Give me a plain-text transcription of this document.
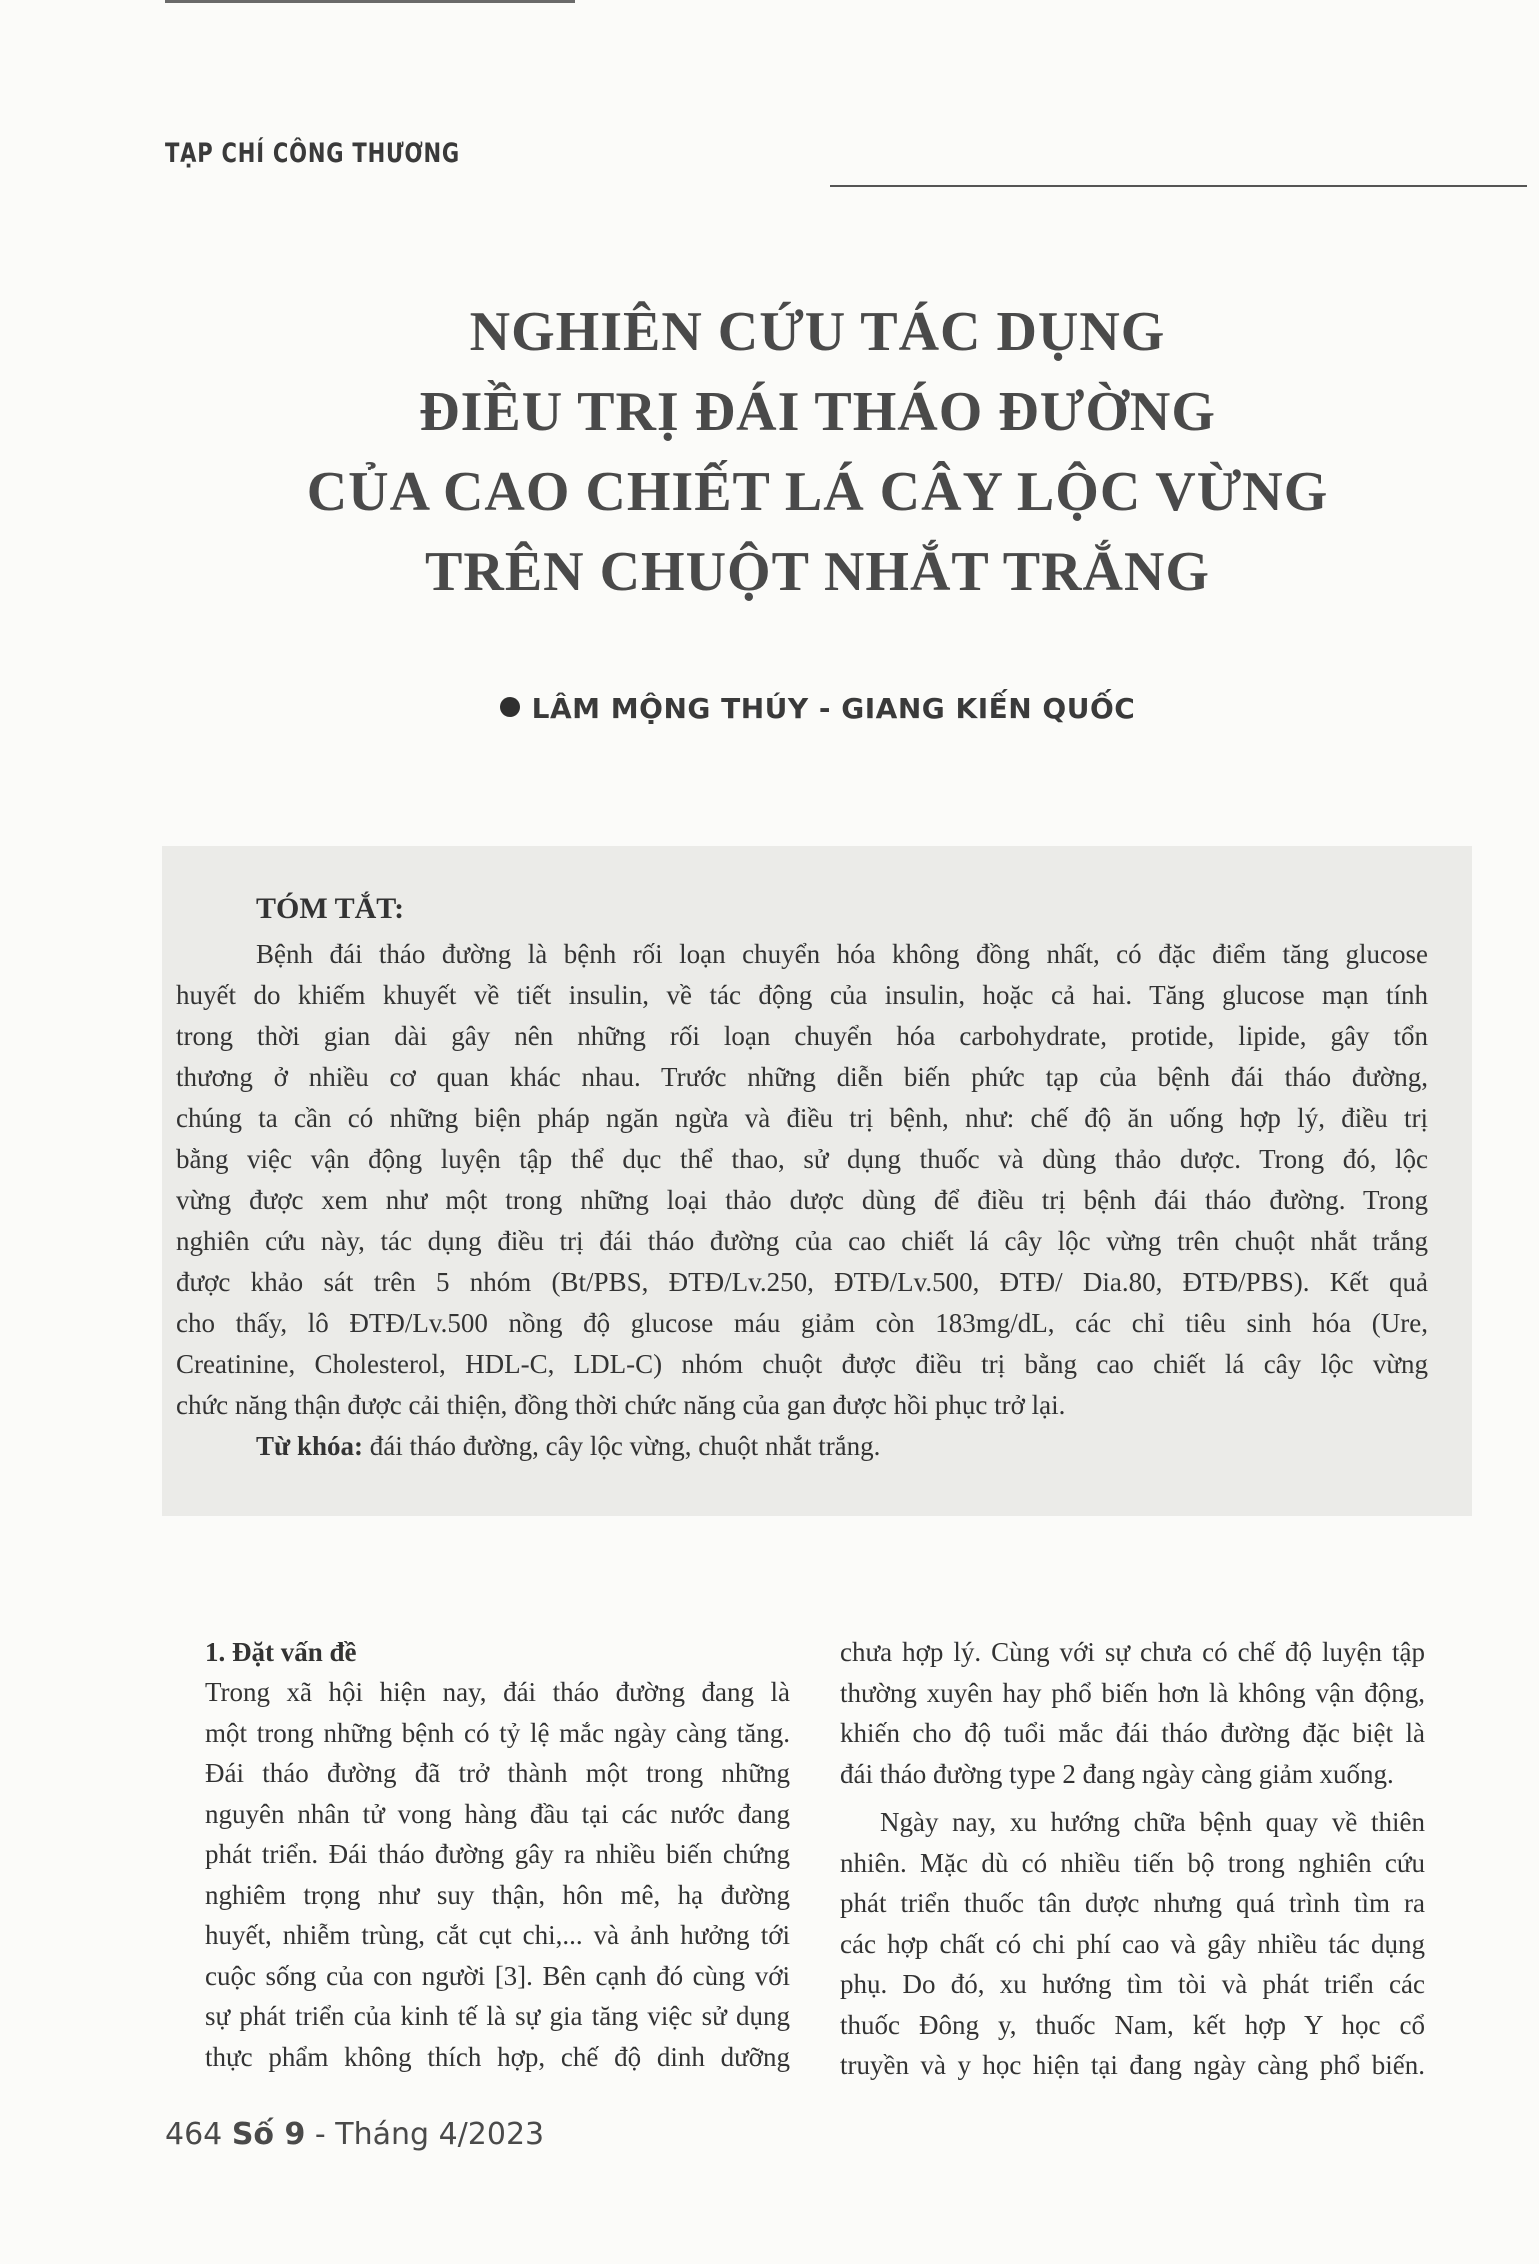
TẠP CHÍ CÔNG THƯƠNG
NGHIÊN CỨU TÁC DỤNG
ĐIỀU TRỊ ĐÁI THÁO ĐƯỜNG
CỦA CAO CHIẾT LÁ CÂY LỘC VỪNG
TRÊN CHUỘT NHẮT TRẮNG
LÂM MỘNG THÚY - GIANG KIẾN QUỐC
TÓM TẮT:
Bệnh đái tháo đường là bệnh rối loạn chuyển hóa không đồng nhất, có đặc điểm tăng glucose
huyết do khiếm khuyết về tiết insulin, về tác động của insulin, hoặc cả hai. Tăng glucose mạn tính
trong thời gian dài gây nên những rối loạn chuyển hóa carbohydrate, protide, lipide, gây tổn
thương ở nhiều cơ quan khác nhau. Trước những diễn biến phức tạp của bệnh đái tháo đường,
chúng ta cần có những biện pháp ngăn ngừa và điều trị bệnh, như: chế độ ăn uống hợp lý, điều trị
bằng việc vận động luyện tập thể dục thể thao, sử dụng thuốc và dùng thảo dược. Trong đó, lộc
vừng được xem như một trong những loại thảo dược dùng để điều trị bệnh đái tháo đường. Trong
nghiên cứu này, tác dụng điều trị đái tháo đường của cao chiết lá cây lộc vừng trên chuột nhắt trắng
được khảo sát trên 5 nhóm (Bt/PBS, ĐTĐ/Lv.250, ĐTĐ/Lv.500, ĐTĐ/ Dia.80, ĐTĐ/PBS). Kết quả
cho thấy, lô ĐTĐ/Lv.500 nồng độ glucose máu giảm còn 183mg/dL, các chỉ tiêu sinh hóa (Ure,
Creatinine, Cholesterol, HDL-C, LDL-C) nhóm chuột được điều trị bằng cao chiết lá cây lộc vừng
chức năng thận được cải thiện, đồng thời chức năng của gan được hồi phục trở lại.
Từ khóa: đái tháo đường, cây lộc vừng, chuột nhắt trắng.
1. Đặt vấn đề
Trong xã hội hiện nay, đái tháo đường đang là
một trong những bệnh có tỷ lệ mắc ngày càng tăng.
Đái tháo đường đã trở thành một trong những
nguyên nhân tử vong hàng đầu tại các nước đang
phát triển. Đái tháo đường gây ra nhiều biến chứng
nghiêm trọng như suy thận, hôn mê, hạ đường
huyết, nhiễm trùng, cắt cụt chi,... và ảnh hưởng tới
cuộc sống của con người [3]. Bên cạnh đó cùng với
sự phát triển của kinh tế là sự gia tăng việc sử dụng
thực phẩm không thích hợp, chế độ dinh dưỡng
chưa hợp lý. Cùng với sự chưa có chế độ luyện tập
thường xuyên hay phổ biến hơn là không vận động,
khiến cho độ tuổi mắc đái tháo đường đặc biệt là
đái tháo đường type 2 đang ngày càng giảm xuống.
Ngày nay, xu hướng chữa bệnh quay về thiên
nhiên. Mặc dù có nhiều tiến bộ trong nghiên cứu
phát triển thuốc tân dược nhưng quá trình tìm ra
các hợp chất có chi phí cao và gây nhiều tác dụng
phụ. Do đó, xu hướng tìm tòi và phát triển các
thuốc Đông y, thuốc Nam, kết hợp Y học cổ
truyền và y học hiện tại đang ngày càng phổ biến.
464 Số 9 - Tháng 4/2023
